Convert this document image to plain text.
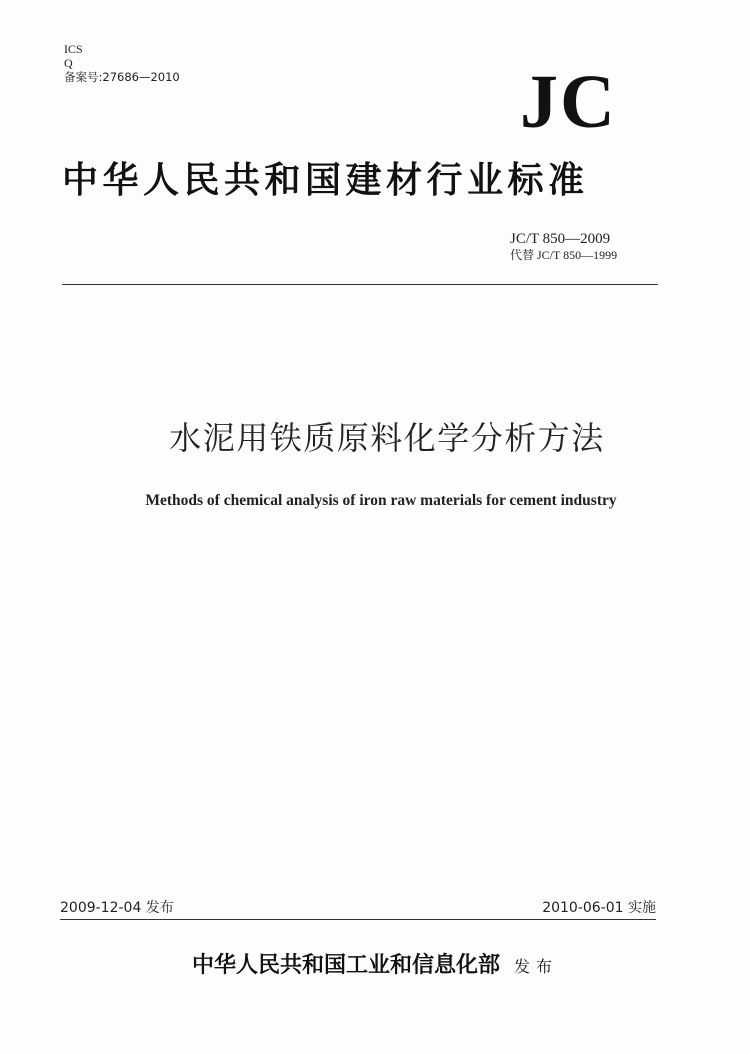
ICS
Q
备案号:27686—2010	JC
中华人民共和国建材行业标准
JC/T 850—2009
代替 JC/T 850—1999
水泥用铁质原料化学分析方法
Methods of chemical analysis of iron raw materials for cement industry
2009-12-04 发布	2010-06-01 实施
中华人民共和国工业和信息化部 发布
